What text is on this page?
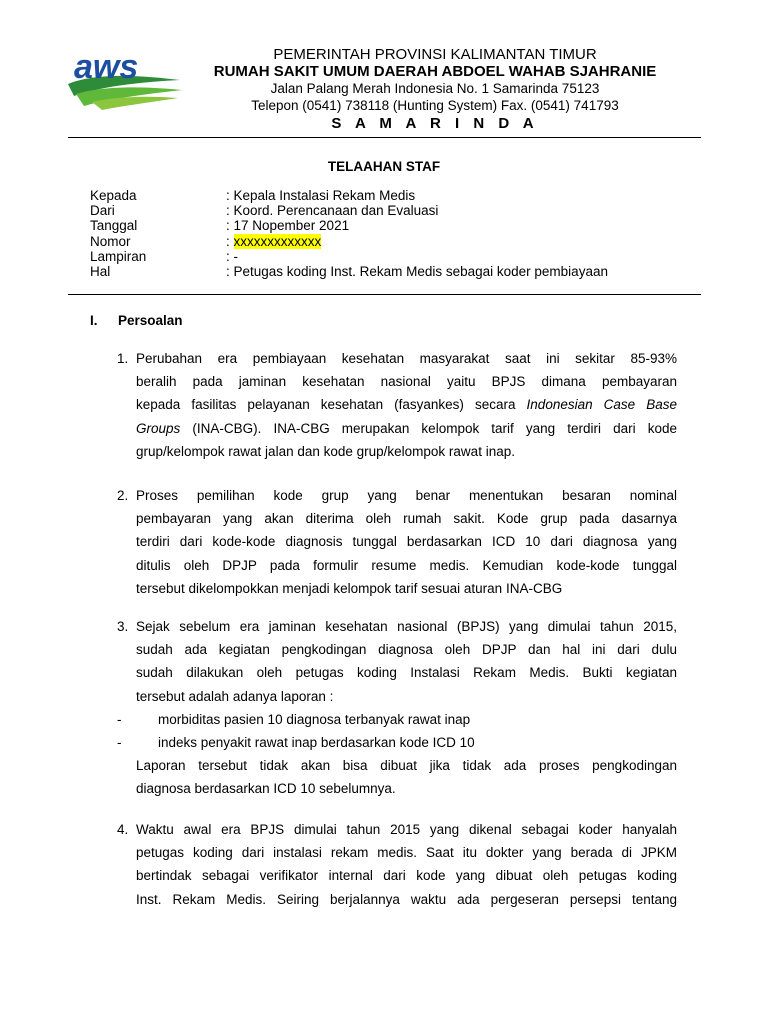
aws	PEMERINTAH PROVINSI KALIMANTAN TIMUR
RUMAH SAKIT UMUM DAERAH ABDOEL WAHAB SJAHRANIE
Jalan Palang Merah Indonesia No. 1 Samarinda 75123
Telepon (0541) 738118 (Hunting System) Fax. (0541) 741793
S A M A R I N D A
TELAAHAN STAF
Kepada	: Kepala Instalasi Rekam Medis
Dari	: Koord. Perencanaan dan Evaluasi
Tanggal	: 17 Nopember 2021
Nomor	: xxxxxxxxxxxxx
Lampiran	: -
Hal	: Petugas koding Inst. Rekam Medis sebagai koder pembiayaan
I. Persoalan
1. Perubahan era pembiayaan kesehatan masyarakat saat ini sekitar 85-93%
beralih pada jaminan kesehatan nasional yaitu BPJS dimana pembayaran
kepada fasilitas pelayanan kesehatan (fasyankes) secara Indonesian Case Base
Groups (INA-CBG). INA-CBG merupakan kelompok tarif yang terdiri dari kode
grup/kelompok rawat jalan dan kode grup/kelompok rawat inap.
2. Proses pemilihan kode grup yang benar menentukan besaran nominal
pembayaran yang akan diterima oleh rumah sakit. Kode grup pada dasarnya
terdiri dari kode-kode diagnosis tunggal berdasarkan ICD 10 dari diagnosa yang
ditulis oleh DPJP pada formulir resume medis. Kemudian kode-kode tunggal
tersebut dikelompokkan menjadi kelompok tarif sesuai aturan INA-CBG
3. Sejak sebelum era jaminan kesehatan nasional (BPJS) yang dimulai tahun 2015,
sudah ada kegiatan pengkodingan diagnosa oleh DPJP dan hal ini dari dulu
sudah dilakukan oleh petugas koding Instalasi Rekam Medis. Bukti kegiatan
tersebut adalah adanya laporan :
-	morbiditas pasien 10 diagnosa terbanyak rawat inap
-	indeks penyakit rawat inap berdasarkan kode ICD 10
Laporan tersebut tidak akan bisa dibuat jika tidak ada proses pengkodingan
diagnosa berdasarkan ICD 10 sebelumnya.
4. Waktu awal era BPJS dimulai tahun 2015 yang dikenal sebagai koder hanyalah
petugas koding dari instalasi rekam medis. Saat itu dokter yang berada di JPKM
bertindak sebagai verifikator internal dari kode yang dibuat oleh petugas koding
Inst. Rekam Medis. Seiring berjalannya waktu ada pergeseran persepsi tentang
